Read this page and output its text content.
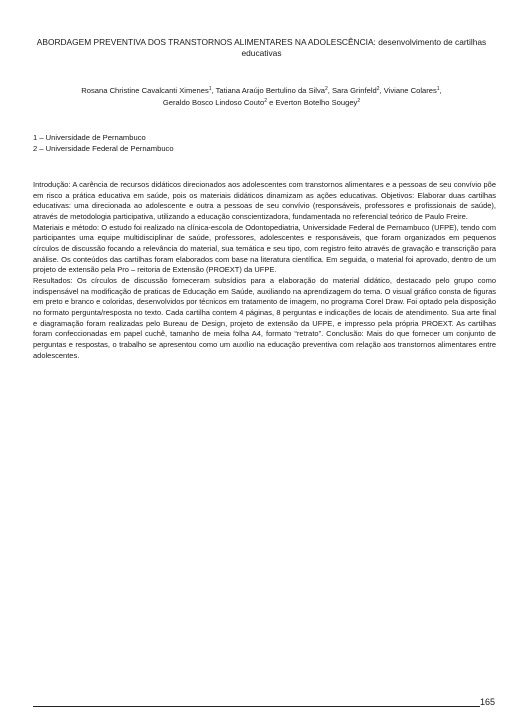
ABORDAGEM PREVENTIVA DOS TRANSTORNOS ALIMENTARES NA ADOLESCÊNCIA: desenvolvimento de cartilhas educativas

Rosana Christine Cavalcanti Ximenes$^1$, Tatiana Araújo Bertulino da Silva$^2$, Sara Grinfeld$^2$, Viviane Colares$^1$,
Geraldo Bosco Lindoso Couto$^2$ e Everton Botelho Sougey$^2$

1 – Universidade de Pernambuco
2 – Universidade Federal de Pernambuco

Introdução: A carência de recursos didáticos direcionados aos adolescentes com transtornos alimentares e a pessoas de seu convívio põe em risco a prática educativa em saúde, pois os materiais didáticos dinamizam as ações educativas. Objetivos: Elaborar duas cartilhas educativas: uma direcionada ao adolescente e outra a pessoas de seu convívio (responsáveis, professores e profissionais de saúde), através de metodologia participativa, utilizando a educação conscientizadora, fundamentada no referencial teórico de Paulo Freire.
Materiais e método: O estudo foi realizado na clínica-escola de Odontopediatria, Universidade Federal de Pernambuco (UFPE), tendo com participantes uma equipe multidisciplinar de saúde, professores, adolescentes e responsáveis, que foram organizados em pequenos círculos de discussão focando a relevância do material, sua temática e seu tipo, com registro feito através de gravação e transcrição para análise. Os conteúdos das cartilhas foram elaborados com base na literatura científica. Em seguida, o material foi aprovado, dentro de um projeto de extensão pela Pro – reitoria de Extensão (PROEXT) da UFPE.
Resultados: Os círculos de discussão forneceram subsídios para a elaboração do material didático, destacado pelo grupo como indispensável na modificação de praticas de Educação em Saúde, auxiliando na aprendizagem do tema. O visual gráfico consta de figuras em preto e branco e coloridas, desenvolvidos por técnicos em tratamento de imagem, no programa Corel Draw. Foi optado pela disposição no formato pergunta/resposta no texto. Cada cartilha contem 4 páginas, 8 perguntas e indicações de locais de atendimento. Sua arte final e diagramação foram realizadas pelo Bureau de Design, projeto de extensão da UFPE, e impresso pela própria PROEXT. As cartilhas foram confeccionadas em papel cuchê, tamanho de meia folha A4, formato “retrato”. Conclusão: Mais do que fornecer um conjunto de perguntas e respostas, o trabalho se apresentou como um auxílio na educação preventiva com relação aos transtornos alimentares entre adolescentes.

165
